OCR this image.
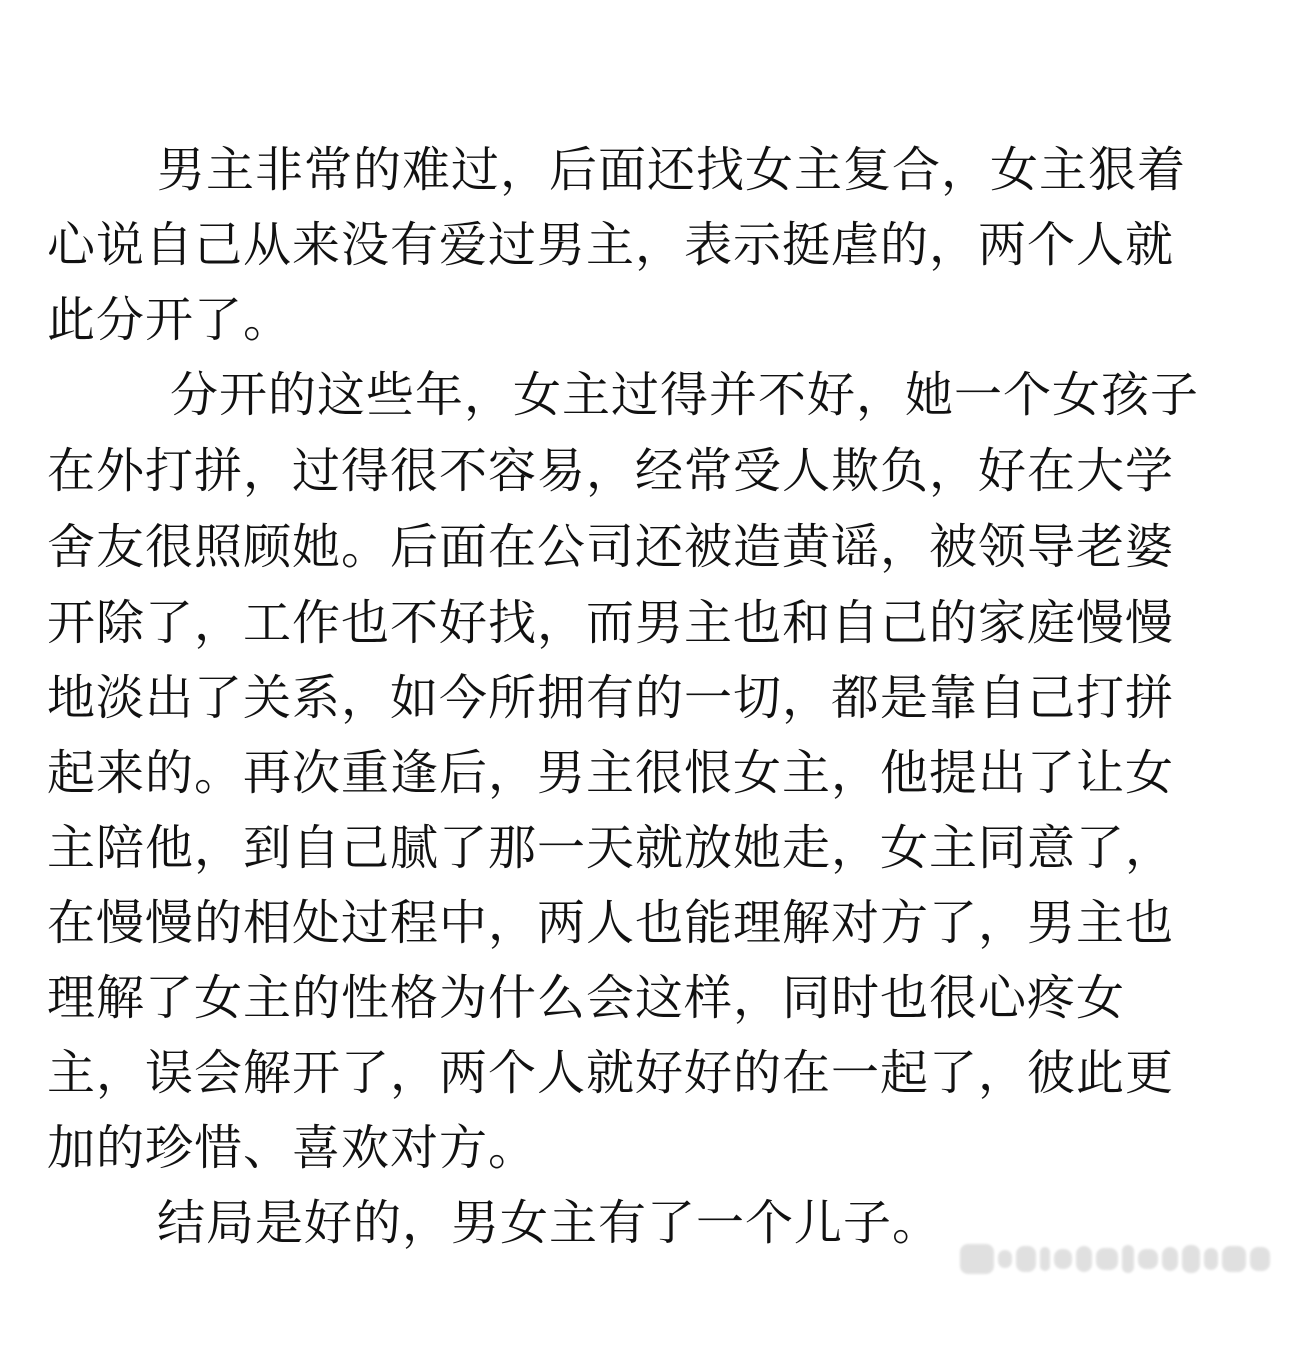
男主非常的难过，后面还找女主复合，女主狠着
心说自己从来没有爱过男主，表示挺虐的，两个人就
此分开了。
分开的这些年，女主过得并不好，她一个女孩子
在外打拼，过得很不容易，经常受人欺负，好在大学
舍友很照顾她。后面在公司还被造黄谣，被领导老婆
开除了，工作也不好找，而男主也和自己的家庭慢慢
地淡出了关系，如今所拥有的一切，都是靠自己打拼
起来的。再次重逢后，男主很恨女主，他提出了让女
主陪他，到自己腻了那一天就放她走，女主同意了，
在慢慢的相处过程中，两人也能理解对方了，男主也
理解了女主的性格为什么会这样，同时也很心疼女
主，误会解开了，两个人就好好的在一起了，彼此更
加的珍惜、喜欢对方。
结局是好的，男女主有了一个儿子。
